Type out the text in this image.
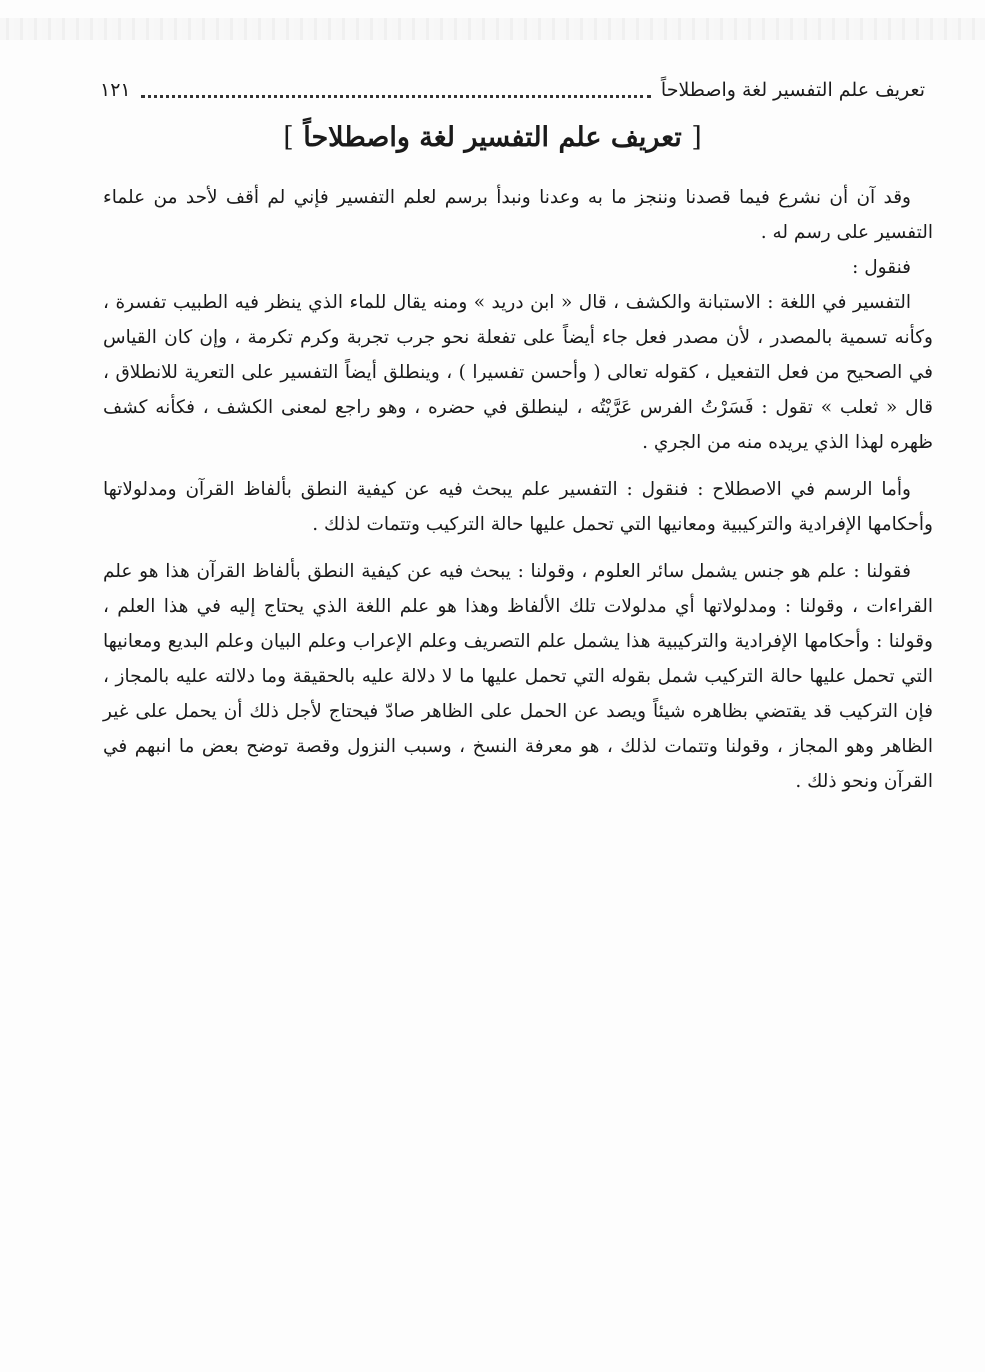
تعريف علم التفسير لغة واصطلاحاً
١٢١
[ تعريف علم التفسير لغة واصطلاحاً ]

وقد آن أن نشرع فيما قصدنا وننجز ما به وعدنا ونبدأ برسم لعلم التفسير فإني لم أقف لأحد من علماء التفسير على رسم له .

فنقول :

التفسير في اللغة : الاستبانة والكشف ، قال « ابن دريد » ومنه يقال للماء الذي ينظر فيه الطبيب تفسرة ، وكأنه تسمية بالمصدر ، لأن مصدر فعل جاء أيضاً على تفعلة نحو جرب تجربة وكرم تكرمة ، وإن كان القياس في الصحيح من فعل التفعيل ، كقوله تعالى ( وأحسن تفسيرا ) ، وينطلق أيضاً التفسير على التعرية للانطلاق ، قال « ثعلب » تقول : فَسَرْتُ الفرس عَرَّيْتُه ، لينطلق في حضره ، وهو راجع لمعنى الكشف ، فكأنه كشف ظهره لهذا الذي يريده منه من الجري .

وأما الرسم في الاصطلاح : فنقول : التفسير علم يبحث فيه عن كيفية النطق بألفاظ القرآن ومدلولاتها وأحكامها الإفرادية والتركيبية ومعانيها التي تحمل عليها حالة التركيب وتتمات لذلك .

فقولنا : علم هو جنس يشمل سائر العلوم ، وقولنا : يبحث فيه عن كيفية النطق بألفاظ القرآن هذا هو علم القراءات ، وقولنا : ومدلولاتها أي مدلولات تلك الألفاظ وهذا هو علم اللغة الذي يحتاج إليه في هذا العلم ، وقولنا : وأحكامها الإفرادية والتركيبية هذا يشمل علم التصريف وعلم الإعراب وعلم البيان وعلم البديع ومعانيها التي تحمل عليها حالة التركيب شمل بقوله التي تحمل عليها ما لا دلالة عليه بالحقيقة وما دلالته عليه بالمجاز ، فإن التركيب قد يقتضي بظاهره شيئاً ويصد عن الحمل على الظاهر صادّ فيحتاج لأجل ذلك أن يحمل على غير الظاهر وهو المجاز ، وقولنا وتتمات لذلك ، هو معرفة النسخ ، وسبب النزول وقصة توضح بعض ما انبهم في القرآن ونحو ذلك .
